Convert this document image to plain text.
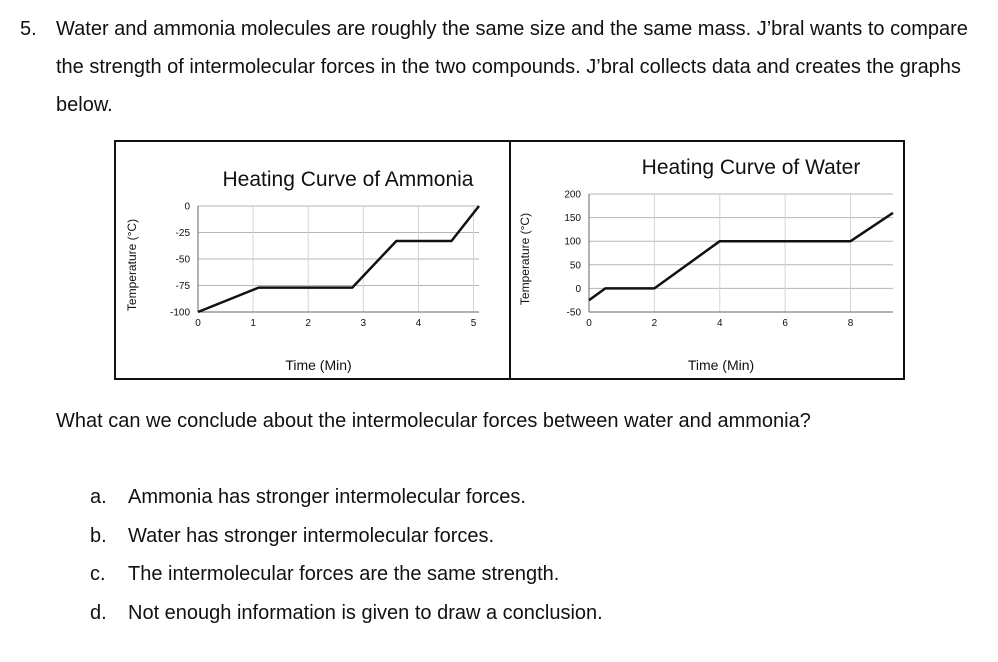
5. Water and ammonia molecules are roughly the same size and the same mass. J’bral wants to compare the strength of intermolecular forces in the two compounds. J’bral collects data and creates the graphs below.

-100
-75
-50
-25
0
0	1	2	3	4	5
Heating Curve of Ammonia
Time (Min)
Temperature (°C)
-50
0
50
100
150
200
0	2	4	6	8
Heating Curve of Water
Time (Min)
Temperature (°C)

What can we conclude about the intermolecular forces between water and ammonia?

a.	Ammonia has stronger intermolecular forces.
b.	Water has stronger intermolecular forces.
c.	The intermolecular forces are the same strength.
d.	Not enough information is given to draw a conclusion.
